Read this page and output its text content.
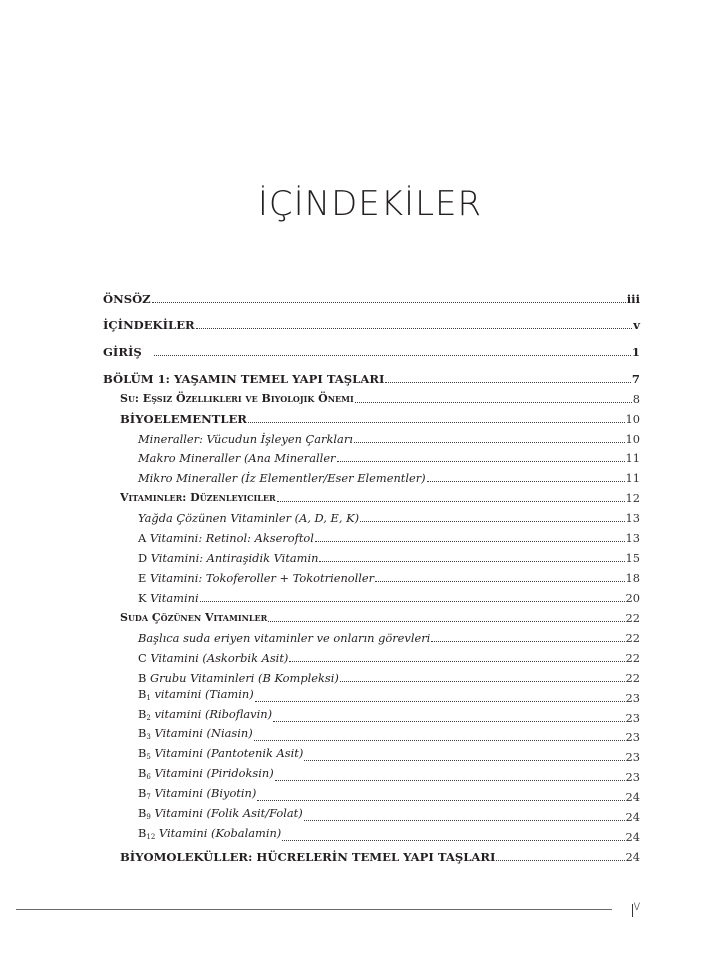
İÇİNDEKİLER
ÖNSÖZ	iii
İÇİNDEKİLER	v
GİRİŞ	1
BÖLÜM 1: YAŞAMIN TEMEL YAPI TAŞLARI	7
Su: Eşsiz Özellikleri ve Biyolojik Önemi	8
BİYOELEMENTLER	10
Mineraller: Vücudun İşleyen Çarkları	10
Makro Mineraller (Ana Mineraller	11
Mikro Mineraller (İz Elementler/Eser Elementler)	11
Vitaminler: Düzenleyiciler	12
Yağda Çözünen Vitaminler (A, D, E, K)	13
A Vitamini: Retinol: Akseroftol	13
D Vitamini: Antiraşidik Vitamin	15
E Vitamini: Tokoferoller + Tokotrienoller	18
K Vitamini	20
Suda Çözünen Vitaminler	22
Başlıca suda eriyen vitaminler ve onların görevleri	22
C Vitamini (Askorbik Asit)	22
B Grubu Vitaminleri (B Kompleksi)	22
$B_1$ vitamini (Tiamin)	23
$B_2$ vitamini (Riboflavin)	23
$B_3$ Vitamini (Niasin)	23
$B_5$ Vitamini (Pantotenik Asit)	23
$B_6$ Vitamini (Piridoksin)	23
$B_7$ Vitamini (Biyotin)	24
$B_9$ Vitamini (Folik Asit/Folat)	24
$B_{12}$ Vitamini (Kobalamin)	24
BİYOMOLEKÜLLER: HÜCRELERİN TEMEL YAPI TAŞLARI	24
v
